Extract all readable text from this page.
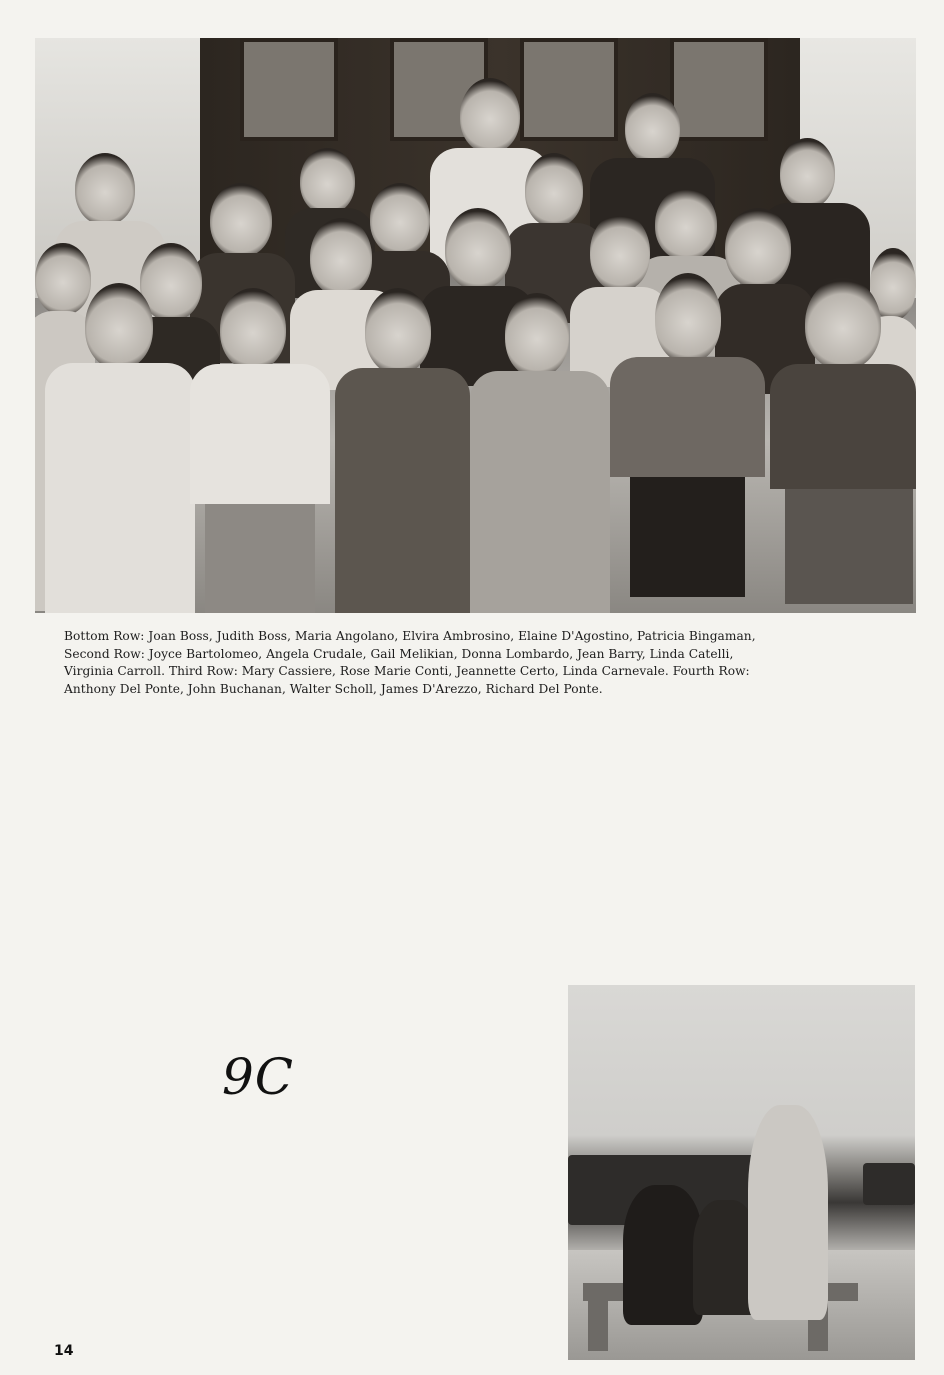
Bottom Row: Joan Boss, Judith Boss, Maria Angolano, Elvira Ambrosino, Elaine D'Agostino, Patricia Bingaman,
Second Row: Joyce Bartolomeo, Angela Crudale, Gail Melikian, Donna Lombardo, Jean Barry, Linda Catelli,
Virginia Carroll. Third Row: Mary Cassiere, Rose Marie Conti, Jeannette Certo, Linda Carnevale. Fourth Row:
Anthony Del Ponte, John Buchanan, Walter Scholl, James D'Arezzo, Richard Del Ponte.
9C
14
